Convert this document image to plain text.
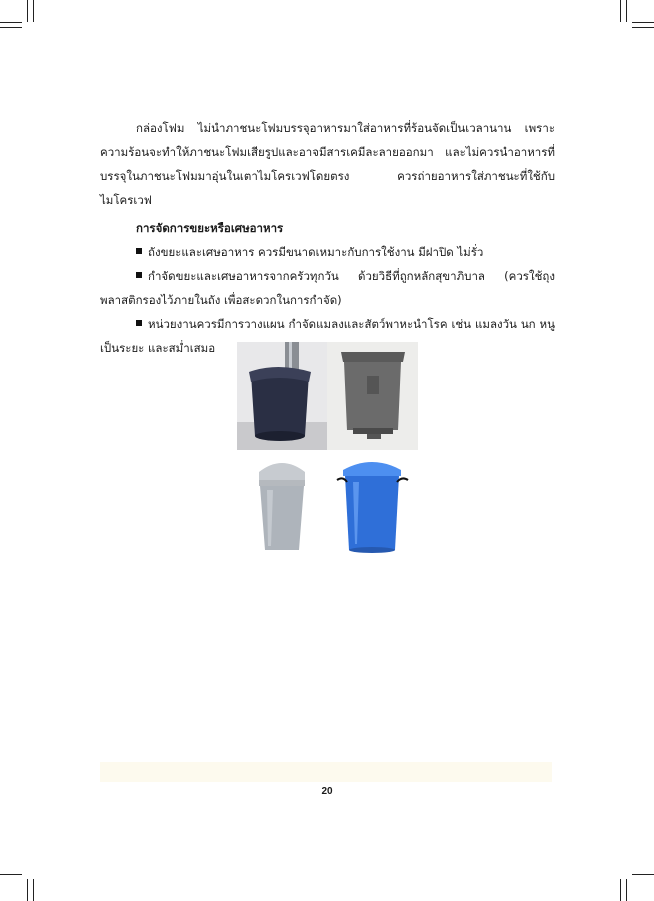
กล่องโฟม ไม่นำภาชนะโฟมบรรจุอาหารมาใส่อาหารที่ร้อนจัดเป็นเวลานาน เพราะความร้อนจะทำให้ภาชนะโฟมเสียรูปและอาจมีสารเคมีละลายออกมา และไม่ควรนำอาหารที่บรรจุในภาชนะโฟมมาอุ่นในเตาไมโครเวฟโดยตรง ควรถ่ายอาหารใส่ภาชนะที่ใช้กับไมโครเวฟ

การจัดการขยะหรือเศษอาหาร

ถังขยะและเศษอาหาร ควรมีขนาดเหมาะกับการใช้งาน มีฝาปิด ไม่รั่ว

กำจัดขยะและเศษอาหารจากครัวทุกวัน ด้วยวิธีที่ถูกหลักสุขาภิบาล (ควรใช้ถุงพลาสติกรองไว้ภายในถัง เพื่อสะดวกในการกำจัด)

หน่วยงานควรมีการวางแผน กำจัดแมลงและสัตว์พาหะนำโรค เช่น แมลงวัน นก หนู เป็นระยะ และสม่ำเสมอ

20
